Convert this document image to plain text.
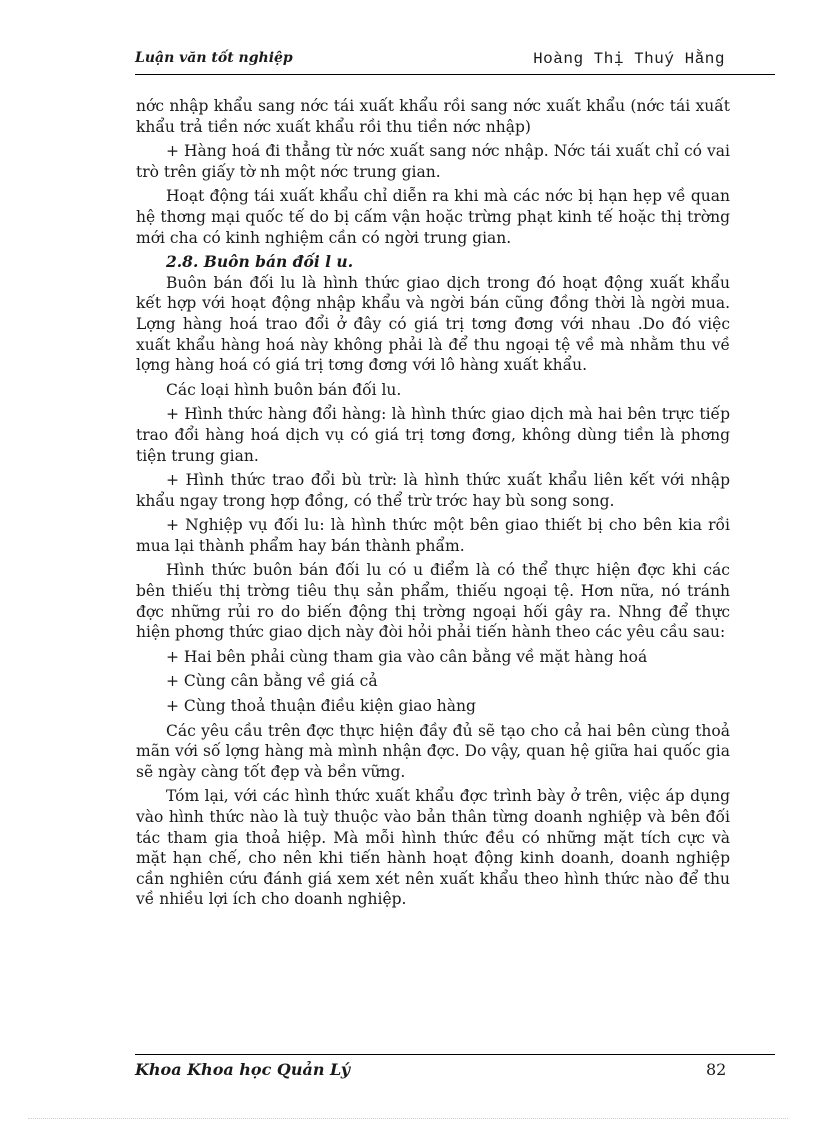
Luận văn tốt nghiệp	Hoàng Thị Thuý Hằng

nớc nhập khẩu sang nớc tái xuất khẩu rồi sang nớc xuất khẩu (nớc tái xuất khẩu trả tiền nớc xuất khẩu rồi thu tiền nớc nhập)

+ Hàng hoá đi thẳng từ nớc xuất sang nớc nhập. Nớc tái xuất chỉ có vai trò trên giấy tờ nh một nớc trung gian.

Hoạt động tái xuất khẩu chỉ diễn ra khi mà các nớc bị hạn hẹp về quan hệ thơng mại quốc tế do bị cấm vận hoặc trừng phạt kinh tế hoặc thị trờng mới cha có kinh nghiệm cần có ngời trung gian.

2.8. Buôn bán đối l u.

Buôn bán đối lu là hình thức giao dịch trong đó hoạt động xuất khẩu kết hợp với hoạt động nhập khẩu và ngời bán cũng đồng thời là ngời mua. Lợng hàng hoá trao đổi ở đây có giá trị tơng đơng với nhau .Do đó việc xuất khẩu hàng hoá này không phải là để thu ngoại tệ về mà nhằm thu về lợng hàng hoá có giá trị tơng đơng với lô hàng xuất khẩu.

Các loại hình buôn bán đối lu.

+ Hình thức hàng đổi hàng: là hình thức giao dịch mà hai bên trực tiếp trao đổi hàng hoá dịch vụ có giá trị tơng đơng, không dùng tiền là phơng tiện trung gian.

+ Hình thức trao đổi bù trừ: là hình thức xuất khẩu liên kết với nhập khẩu ngay trong hợp đồng, có thể trừ trớc hay bù song song.

+ Nghiệp vụ đối lu: là hình thức một bên giao thiết bị cho bên kia rồi mua lại thành phẩm hay bán thành phẩm.

Hình thức buôn bán đối lu có u điểm là có thể thực hiện đợc khi các bên thiếu thị trờng tiêu thụ sản phẩm, thiếu ngoại tệ. Hơn nữa, nó tránh đợc những rủi ro do biến động thị trờng ngoại hối gây ra. Nhng để thực hiện phơng thức giao dịch này đòi hỏi phải tiến hành theo các yêu cầu sau:

+ Hai bên phải cùng tham gia vào cân bằng về mặt hàng hoá

+ Cùng cân bằng về giá cả

+ Cùng thoả thuận điều kiện giao hàng

Các yêu cầu trên đợc thực hiện đầy đủ sẽ tạo cho cả hai bên cùng thoả mãn với số lợng hàng mà mình nhận đợc. Do vậy, quan hệ giữa hai quốc gia sẽ ngày càng tốt đẹp và bền vững.

Tóm lại, với các hình thức xuất khẩu đợc trình bày ở trên, việc áp dụng vào hình thức nào là tuỳ thuộc vào bản thân từng doanh nghiệp và bên đối tác tham gia thoả hiệp. Mà mỗi hình thức đều có những mặt tích cực và mặt hạn chế, cho nên khi tiến hành hoạt động kinh doanh, doanh nghiệp cần nghiên cứu đánh giá xem xét nên xuất khẩu theo hình thức nào để thu về nhiều lợi ích cho doanh nghiệp.

Khoa Khoa học Quản Lý	82
